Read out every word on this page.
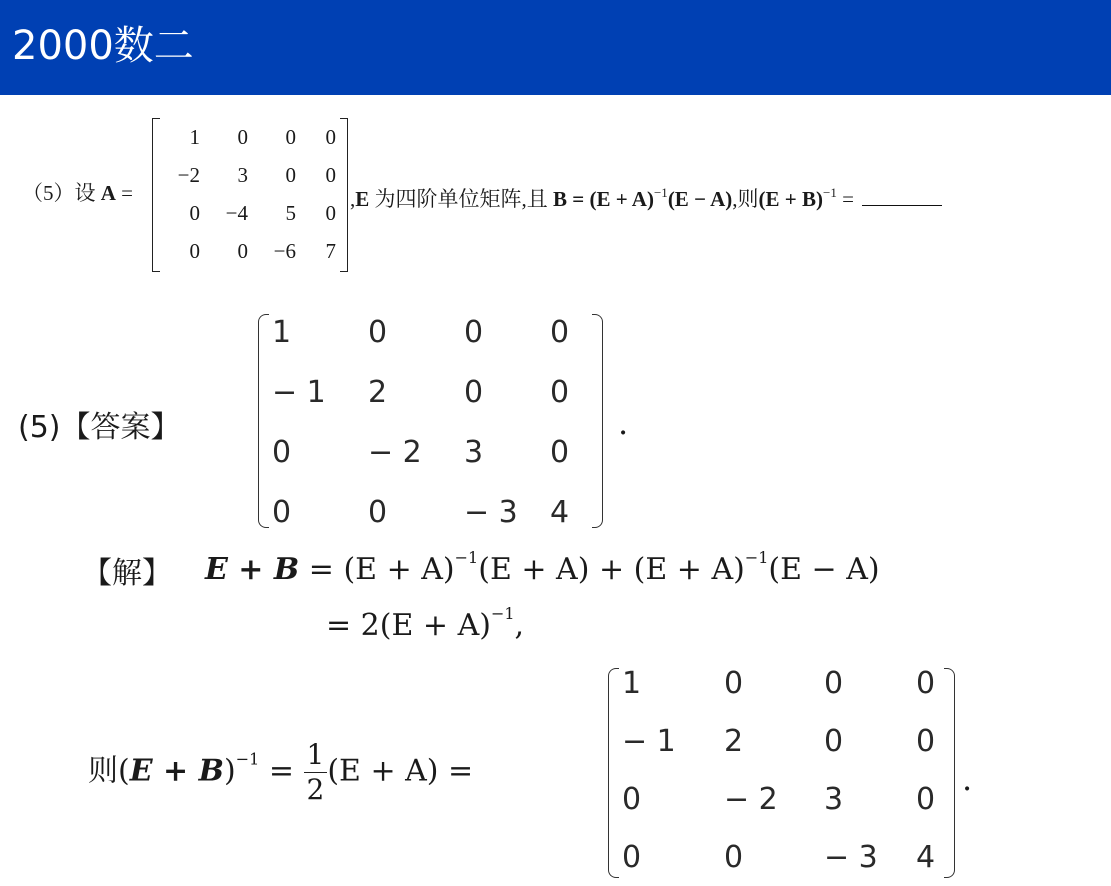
2000数二
（5）设 A =
1	0	0	0
−2	3	0	0
0	−4	5	0
0	0	−6	7
,E 为四阶单位矩阵,且 $B = (E + A)^{-1}(E - A)$,则$(E + B)^{-1}$ =
(5)【答案】
1	0	0	0
− 1	2	0	0
0	− 2	3	0
0	0	− 3	4
.
【解】 $E + B = (E + A)^{-1}(E + A) + (E + A)^{-1}(E - A)$
= $2(E + A)^{-1}$,
则$(E + B)^{-1} = \frac{1}{2} (E + A)$ =
1	0	0	0
− 1	2	0	0
0	− 2	3	0
0	0	− 3	4
.
